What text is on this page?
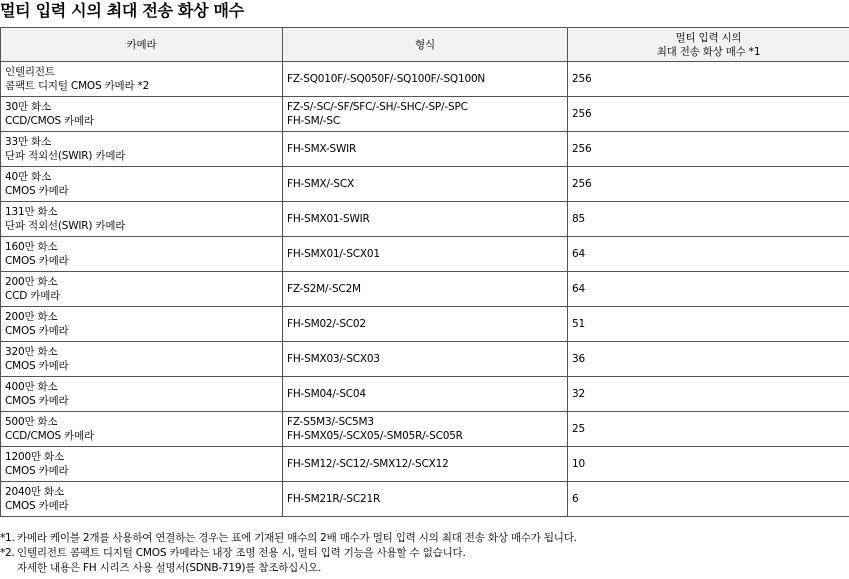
멀티 입력 시의 최대 전송 화상 매수
카메라	형식	멀티 입력 시의
최대 전송 화상 매수 *1

인텔리전트
콤팩트 디지털 CMOS 카메라 *2	FZ-SQ010F/-SQ050F/-SQ100F/-SQ100N	256

30만 화소
CCD/CMOS 카메라	FZ-S/-SC/-SF/SFC/-SH/-SHC/-SP/-SPC
FH-SM/-SC	256

33만 화소
단파 적외선(SWIR) 카메라	FH-SMX-SWIR	256

40만 화소
CMOS 카메라	FH-SMX/-SCX	256

131만 화소
단파 적외선(SWIR) 카메라	FH-SMX01-SWIR	85

160만 화소
CMOS 카메라	FH-SMX01/-SCX01	64

200만 화소
CCD 카메라	FZ-S2M/-SC2M	64

200만 화소
CMOS 카메라	FH-SM02/-SC02	51

320만 화소
CMOS 카메라	FH-SMX03/-SCX03	36

400만 화소
CMOS 카메라	FH-SM04/-SC04	32

500만 화소
CCD/CMOS 카메라	FZ-S5M3/-SC5M3
FH-SMX05/-SCX05/-SM05R/-SC05R	25

1200만 화소
CMOS 카메라	FH-SM12/-SC12/-SMX12/-SCX12	10

2040만 화소
CMOS 카메라	FH-SM21R/-SC21R	6
*1. 카메라 케이블 2개를 사용하여 연결하는 경우는 표에 기재된 매수의 2배 매수가 멀티 입력 시의 최대 전송 화상 매수가 됩니다.
*2. 인텔리전트 콤팩트 디지털 CMOS 카메라는 내장 조명 전용 시, 멀티 입력 기능을 사용할 수 없습니다.
자세한 내용은 FH 시리즈 사용 설명서(SDNB-719)를 참조하십시오.
